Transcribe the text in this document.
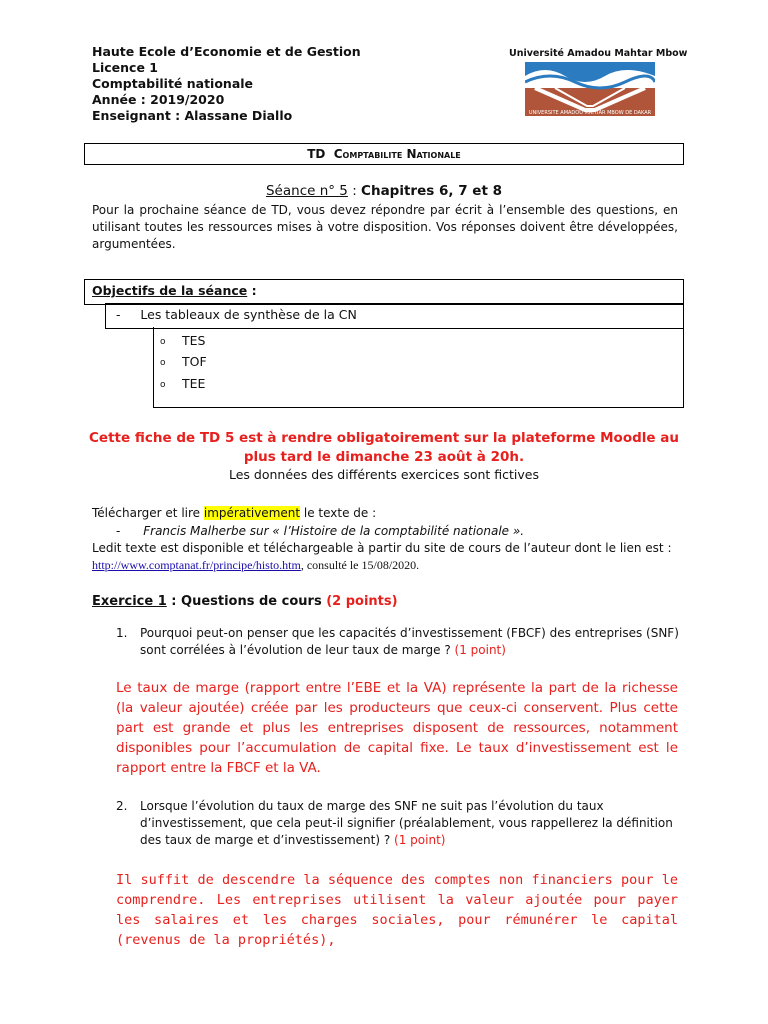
Haute Ecole d’Economie et de Gestion
Licence 1
Comptabilité nationale
Année : 2019/2020
Enseignant : Alassane Diallo
Université Amadou Mahtar Mbow
UNIVERSITE AMADOU MAHTAR MBOW DE DAKAR
TD Comptabilite Nationale
Séance n° 5 : Chapitres 6, 7 et 8
Pour la prochaine séance de TD, vous devez répondre par écrit à l’ensemble des questions, en utilisant toutes les ressources mises à votre disposition. Vos réponses doivent être développées, argumentées.
Objectifs de la séance :
- Les tableaux de synthèse de la CN
o TES
o TOF
o TEE
Cette fiche de TD 5 est à rendre obligatoirement sur la plateforme Moodle au
plus tard le dimanche 23 août à 20h.
Les données des différents exercices sont fictives
Télécharger et lire impérativement le texte de :
- Francis Malherbe sur « l’Histoire de la comptabilité nationale ».
Ledit texte est disponible et téléchargeable à partir du site de cours de l’auteur dont le lien est :
http://www.comptanat.fr/principe/histo.htm, consulté le 15/08/2020.
Exercice 1 : Questions de cours (2 points)
1.	Pourquoi peut-on penser que les capacités d’investissement (FBCF) des entreprises (SNF) sont corrélées à l’évolution de leur taux de marge ? (1 point)
Le taux de marge (rapport entre l’EBE et la VA) représente la part de la richesse (la valeur ajoutée) créée par les producteurs que ceux-ci conservent. Plus cette part est grande et plus les entreprises disposent de ressources, notamment disponibles pour l’accumulation de capital fixe. Le taux d’investissement est le rapport entre la FBCF et la VA.
2.	Lorsque l’évolution du taux de marge des SNF ne suit pas l’évolution du taux d’investissement, que cela peut-il signifier (préalablement, vous rappellerez la définition des taux de marge et d’investissement) ? (1 point)
Il suffit de descendre la séquence des comptes non financiers pour le comprendre. Les entreprises utilisent la valeur ajoutée pour payer les salaires et les charges sociales, pour rémunérer le capital (revenus de la propriétés),
